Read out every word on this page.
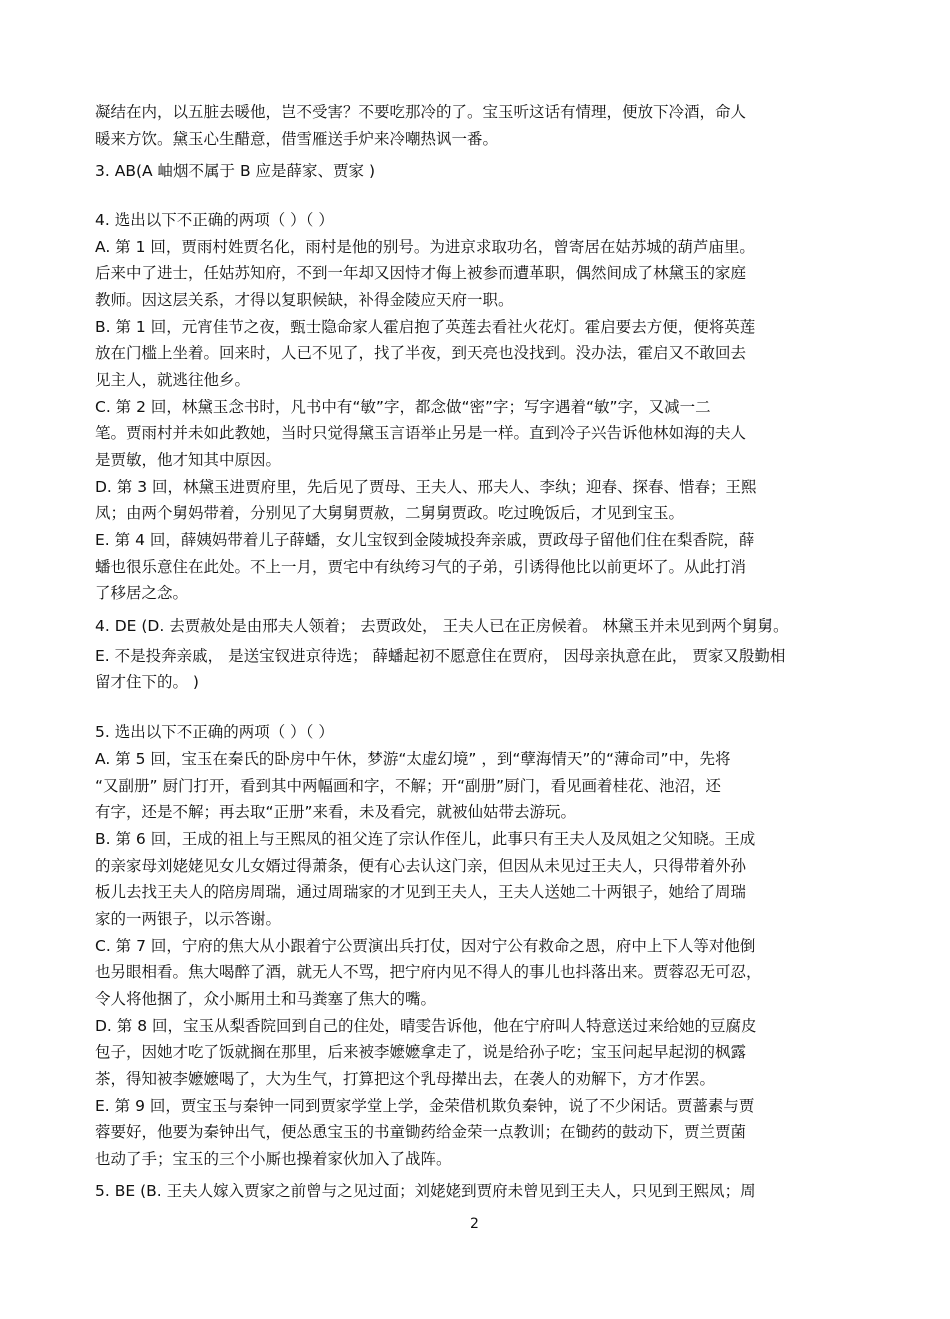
凝结在内，以五脏去暖他，岂不受害？不要吃那冷的了。宝玉听这话有情理，便放下冷酒，命人
暖来方饮。黛玉心生醋意，借雪雁送手炉来冷嘲热讽一番。
3. AB(A 岫烟不属于 B 应是薛家、贾家 )
4. 选出以下不正确的两项（ ）（ ）
A. 第 1 回，贾雨村姓贾名化，雨村是他的别号。为进京求取功名，曾寄居在姑苏城的葫芦庙里。
后来中了进士，任姑苏知府，不到一年却又因恃才侮上被参而遭革职，偶然间成了林黛玉的家庭
教师。因这层关系，才得以复职候缺，补得金陵应天府一职。
B. 第 1 回，元宵佳节之夜，甄士隐命家人霍启抱了英莲去看社火花灯。霍启要去方便，便将英莲
放在门槛上坐着。回来时，人已不见了，找了半夜，到天亮也没找到。没办法，霍启又不敢回去
见主人，就逃往他乡。
C. 第 2 回，林黛玉念书时，凡书中有“敏”字，都念做“密”字；写字遇着“敏”字，又减一二
笔。贾雨村并未如此教她，当时只觉得黛玉言语举止另是一样。直到冷子兴告诉他林如海的夫人
是贾敏，他才知其中原因。
D. 第 3 回，林黛玉进贾府里，先后见了贾母、王夫人、邢夫人、李纨；迎春、探春、惜春；王熙
凤；由两个舅妈带着，分别见了大舅舅贾赦，二舅舅贾政。吃过晚饭后，才见到宝玉。
E. 第 4 回，薛姨妈带着儿子薛蟠，女儿宝钗到金陵城投奔亲戚，贾政母子留他们住在梨香院，薛
蟠也很乐意住在此处。不上一月，贾宅中有纨绔习气的子弟，引诱得他比以前更坏了。从此打消
了移居之念。
4. DE (D. 去贾赦处是由邢夫人领着； 去贾政处， 王夫人已在正房候着。 林黛玉并未见到两个舅舅。
E. 不是投奔亲戚， 是送宝钗进京待选； 薛蟠起初不愿意住在贾府， 因母亲执意在此， 贾家又殷勤相
留才住下的。 )
5. 选出以下不正确的两项（ ）（ ）
A. 第 5 回，宝玉在秦氏的卧房中午休，梦游“太虚幻境” ，到“孽海情天”的“薄命司”中，先将
“又副册” 厨门打开，看到其中两幅画和字，不解；开“副册”厨门，看见画着桂花、池沼，还
有字，还是不解；再去取“正册”来看，未及看完，就被仙姑带去游玩。
B. 第 6 回，王成的祖上与王熙凤的祖父连了宗认作侄儿，此事只有王夫人及凤姐之父知晓。王成
的亲家母刘姥姥见女儿女婿过得萧条，便有心去认这门亲，但因从未见过王夫人，只得带着外孙
板儿去找王夫人的陪房周瑞，通过周瑞家的才见到王夫人，王夫人送她二十两银子，她给了周瑞
家的一两银子，以示答谢。
C. 第 7 回，宁府的焦大从小跟着宁公贾演出兵打仗，因对宁公有救命之恩，府中上下人等对他倒
也另眼相看。焦大喝醉了酒，就无人不骂，把宁府内见不得人的事儿也抖落出来。贾蓉忍无可忍，
令人将他捆了，众小厮用土和马粪塞了焦大的嘴。
D. 第 8 回，宝玉从梨香院回到自己的住处，晴雯告诉他，他在宁府叫人特意送过来给她的豆腐皮
包子，因她才吃了饭就搁在那里，后来被李嬷嬷拿走了，说是给孙子吃；宝玉问起早起沏的枫露
茶，得知被李嬷嬷喝了，大为生气，打算把这个乳母撵出去，在袭人的劝解下，方才作罢。
E. 第 9 回，贾宝玉与秦钟一同到贾家学堂上学，金荣借机欺负秦钟，说了不少闲话。贾蔷素与贾
蓉要好，他要为秦钟出气，便怂恿宝玉的书童锄药给金荣一点教训；在锄药的鼓动下，贾兰贾菌
也动了手；宝玉的三个小厮也操着家伙加入了战阵。
5. BE (B. 王夫人嫁入贾家之前曾与之见过面；刘姥姥到贾府未曾见到王夫人，只见到王熙凤；周
2
